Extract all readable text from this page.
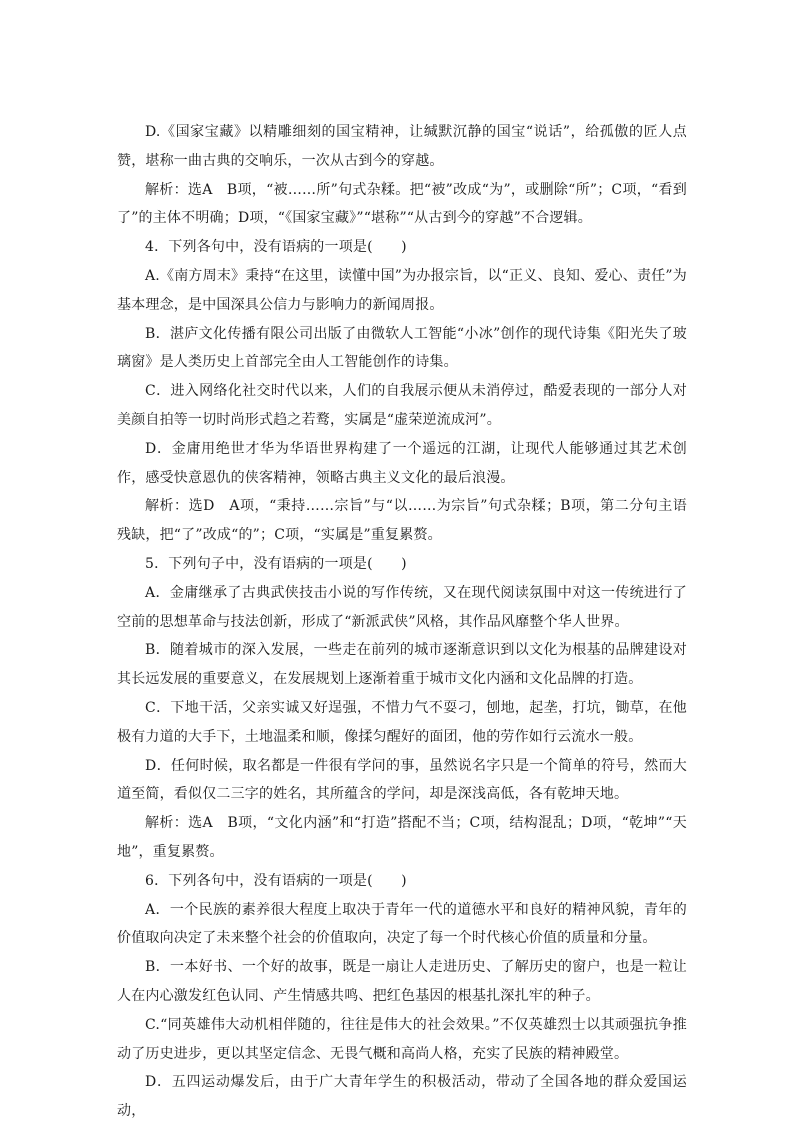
D.《国家宝藏》以精雕细刻的国宝精神，让缄默沉静的国宝“说话”，给孤傲的匠人点赞，堪称一曲古典的交响乐，一次从古到今的穿越。

解析：选A　B项，“被……所”句式杂糅。把“被”改成“为”，或删除“所”；C项，“看到了”的主体不明确；D项，“《国家宝藏》”“堪称”“从古到今的穿越”不合逻辑。

4．下列各句中，没有语病的一项是(　　)

A.《南方周末》秉持“在这里，读懂中国”为办报宗旨，以“正义、良知、爱心、责任”为基本理念，是中国深具公信力与影响力的新闻周报。

B．湛庐文化传播有限公司出版了由微软人工智能“小冰”创作的现代诗集《阳光失了玻璃窗》是人类历史上首部完全由人工智能创作的诗集。

C．进入网络化社交时代以来，人们的自我展示便从未消停过，酷爱表现的一部分人对美颜自拍等一切时尚形式趋之若鹜，实属是“虚荣逆流成河”。

D．金庸用绝世才华为华语世界构建了一个遥远的江湖，让现代人能够通过其艺术创作，感受快意恩仇的侠客精神，领略古典主义文化的最后浪漫。

解析：选D　A项，“秉持……宗旨”与“以……为宗旨”句式杂糅；B项，第二分句主语残缺，把“了”改成“的”；C项，“实属是”重复累赘。

5．下列句子中，没有语病的一项是(　　)

A．金庸继承了古典武侠技击小说的写作传统，又在现代阅读氛围中对这一传统进行了空前的思想革命与技法创新，形成了“新派武侠”风格，其作品风靡整个华人世界。

B．随着城市的深入发展，一些走在前列的城市逐渐意识到以文化为根基的品牌建设对其长远发展的重要意义，在发展规划上逐渐着重于城市文化内涵和文化品牌的打造。

C．下地干活，父亲实诚又好逞强，不惜力气不耍刁，刨地，起垄，打坑，锄草，在他极有力道的大手下，土地温柔和顺，像揉匀醒好的面团，他的劳作如行云流水一般。

D．任何时候，取名都是一件很有学问的事，虽然说名字只是一个简单的符号，然而大道至简，看似仅二三字的姓名，其所蕴含的学问，却是深浅高低，各有乾坤天地。

解析：选A　B项，“文化内涵”和“打造”搭配不当；C项，结构混乱；D项，“乾坤”“天地”，重复累赘。

6．下列各句中，没有语病的一项是(　　)

A．一个民族的素养很大程度上取决于青年一代的道德水平和良好的精神风貌，青年的价值取向决定了未来整个社会的价值取向，决定了每一个时代核心价值的质量和分量。

B．一本好书、一个好的故事，既是一扇让人走进历史、了解历史的窗户，也是一粒让人在内心激发红色认同、产生情感共鸣、把红色基因的根基扎深扎牢的种子。

C.“同英雄伟大动机相伴随的，往往是伟大的社会效果。”不仅英雄烈士以其顽强抗争推动了历史进步，更以其坚定信念、无畏气概和高尚人格，充实了民族的精神殿堂。

D．五四运动爆发后，由于广大青年学生的积极活动，带动了全国各地的群众爱国运动，
